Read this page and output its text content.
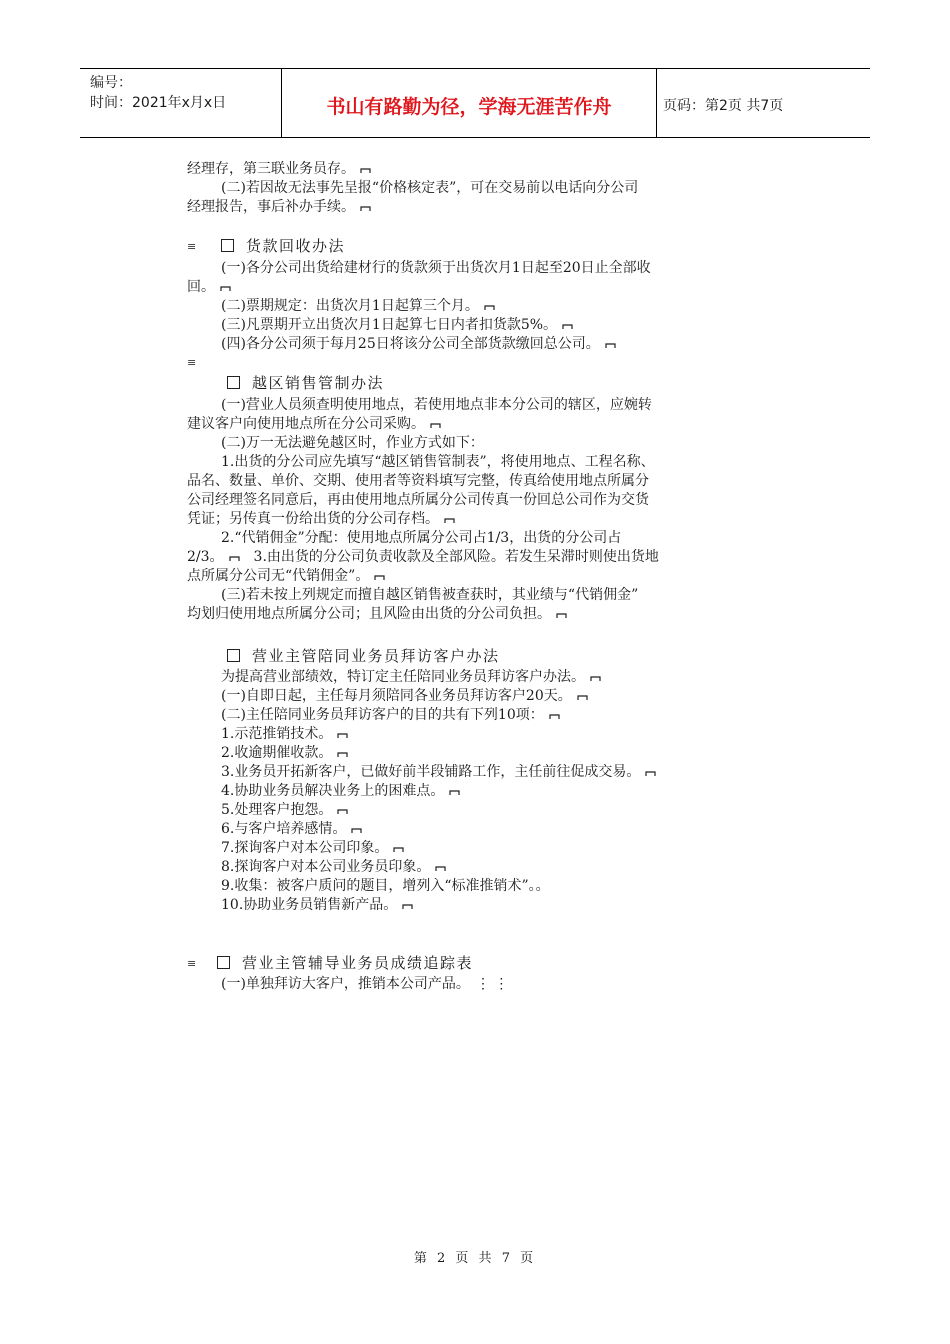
编号：
时间：2021年x月x日	书山有路勤为径，学海无涯苦作舟	页码：第2页 共7页
经理存，第三联业务员存。
(二)若因故无法事先呈报“价格核定表”，可在交易前以电话向分公司
经理报告，事后补办手续。
≡	货款回收办法
(一)各分公司出货给建材行的货款须于出货次月1日起至20日止全部收
回。
(二)票期规定：出货次月1日起算三个月。
(三)凡票期开立出货次月1日起算七日内者扣货款5%。
(四)各分公司须于每月25日将该分公司全部货款缴回总公司。
≡
越区销售管制办法
(一)营业人员须查明使用地点，若使用地点非本分公司的辖区，应婉转
建议客户向使用地点所在分公司采购。
(二)万一无法避免越区时，作业方式如下：
1.出货的分公司应先填写“越区销售管制表”，将使用地点、工程名称、
品名、数量、单价、交期、使用者等资料填写完整，传真给使用地点所属分
公司经理签名同意后，再由使用地点所属分公司传真一份回总公司作为交货
凭证；另传真一份给出货的分公司存档。
2.“代销佣金”分配：使用地点所属分公司占1/3，出货的分公司占
2/3。 3.由出货的分公司负责收款及全部风险。若发生呆滞时则使出货地
点所属分公司无“代销佣金”。
(三)若未按上列规定而擅自越区销售被查获时，其业绩与“代销佣金”
均划归使用地点所属分公司；且风险由出货的分公司负担。
营业主管陪同业务员拜访客户办法
为提高营业部绩效，特订定主任陪同业务员拜访客户办法。
(一)自即日起，主任每月须陪同各业务员拜访客户20天。
(二)主任陪同业务员拜访客户的目的共有下列10项：
1.示范推销技术。
2.收逾期催收款。
3.业务员开拓新客户，已做好前半段铺路工作，主任前往促成交易。
4.协助业务员解决业务上的困难点。
5.处理客户抱怨。
6.与客户培养感情。
7.探询客户对本公司印象。
8.探询客户对本公司业务员印象。
9.收集：被客户质问的题目，增列入“标准推销术”。。
10.协助业务员销售新产品。
≡	营业主管辅导业务员成绩追踪表
(一)单独拜访大客户，推销本公司产品。 ⋮ ⋮
第 2 页 共 7 页
